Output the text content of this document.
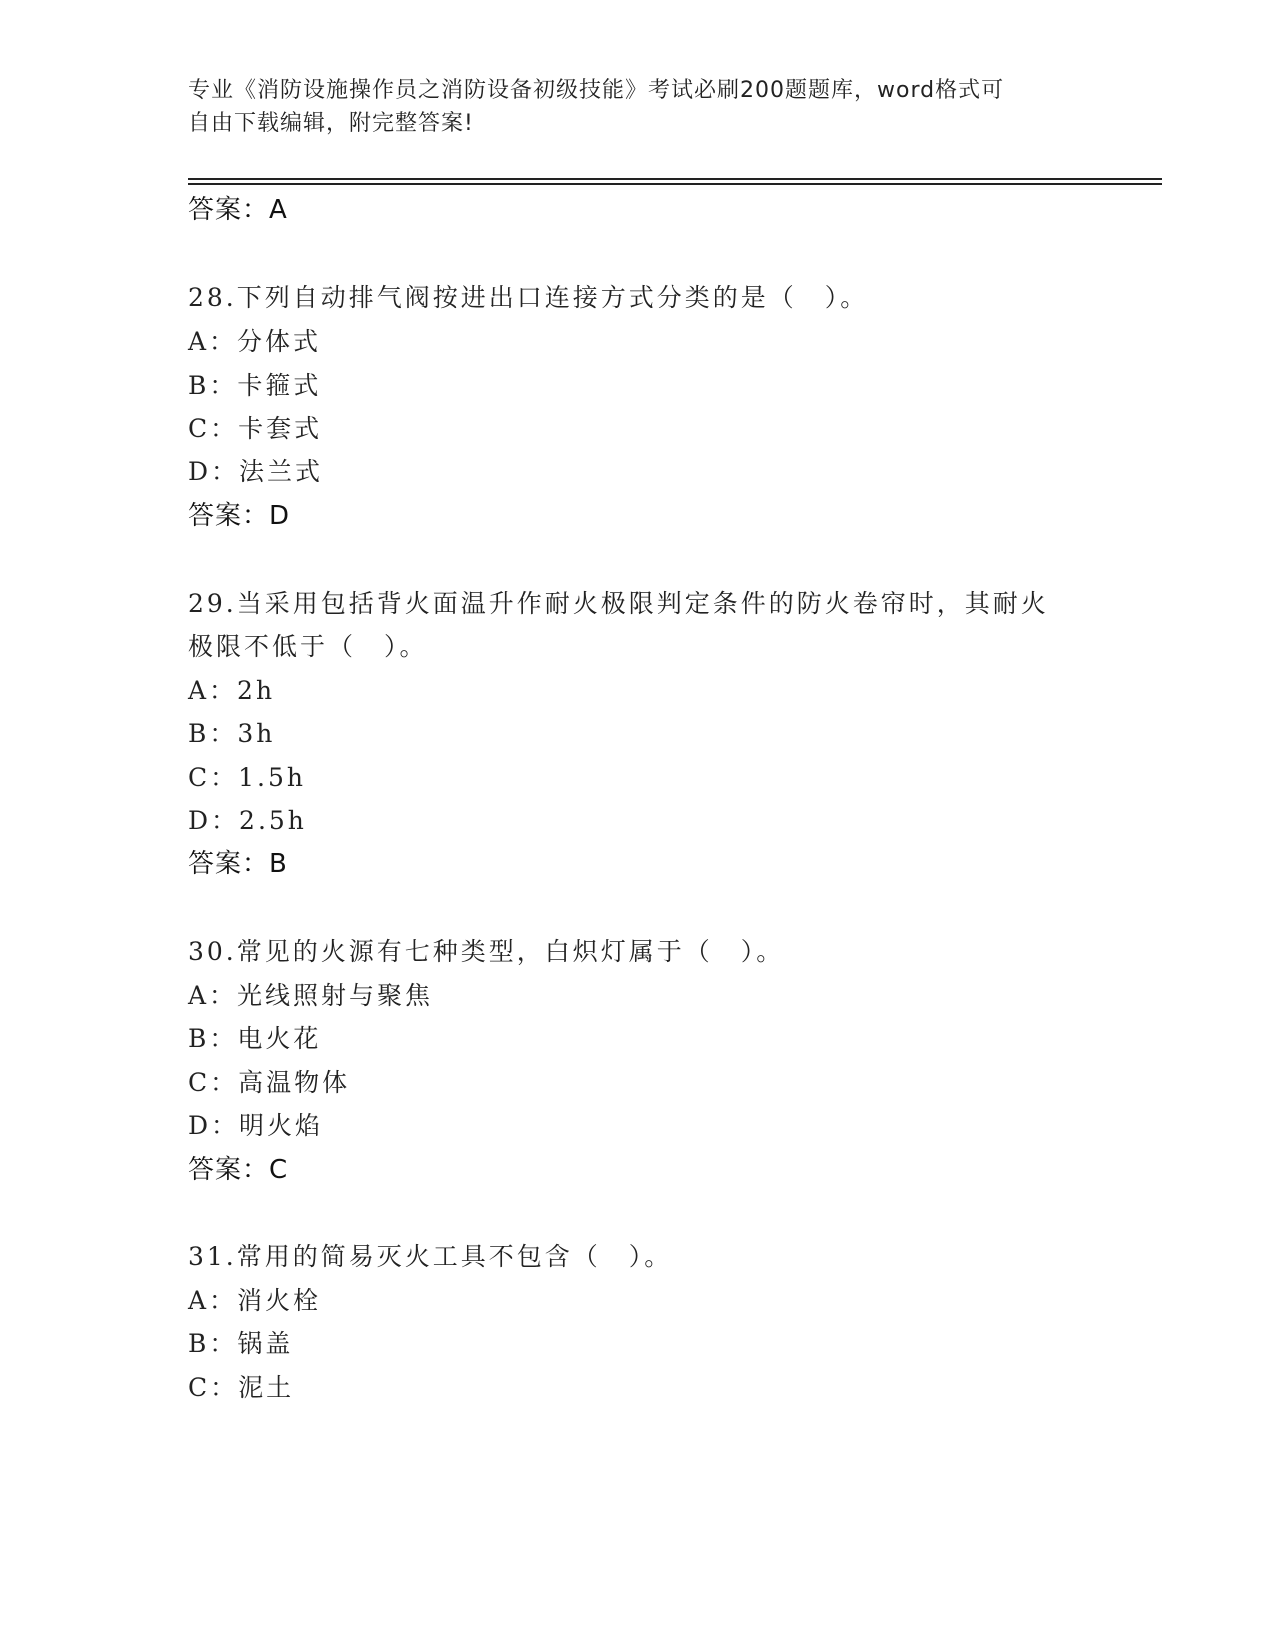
专业《消防设施操作员之消防设备初级技能》考试必刷200题题库，word格式可
自由下载编辑，附完整答案!
答案：A
28.下列自动排气阀按进出口连接方式分类的是（　）。
A：分体式
B：卡箍式
C：卡套式
D：法兰式
答案：D
29.当采用包括背火面温升作耐火极限判定条件的防火卷帘时，其耐火
极限不低于（　）。
A：2h
B：3h
C：1.5h
D：2.5h
答案：B
30.常见的火源有七种类型，白炽灯属于（　）。
A：光线照射与聚焦
B：电火花
C：高温物体
D：明火焰
答案：C
31.常用的简易灭火工具不包含（　）。
A：消火栓
B：锅盖
C：泥土
